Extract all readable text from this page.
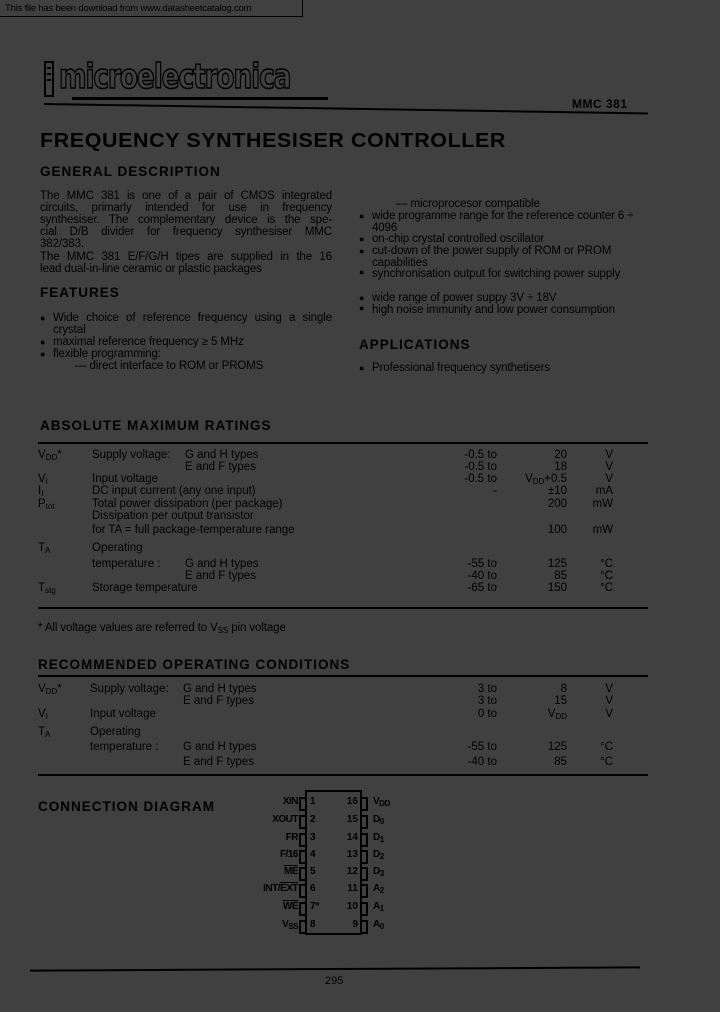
This file has been download from www.datasheetcatalog.com
microelectronica
MMC 381
FREQUENCY SYNTHESISER CONTROLLER
GENERAL DESCRIPTION
The MMC 381 is one of a pair of CMOS integrated
circuits, primarly intended for use in frequency
synthesiser. The complementary device is the spe-
cial D/B divider for frequency synthesiser MMC
382/383.
The MMC 381 E/F/G/H tipes are supplied in the 16
lead dual-in-line ceramic or plastic packages
FEATURES
● Wide choice of reference frequency using a single crystal
● maximal reference frequency ≥ 5 MHz
● flexible programming:
— direct interface to ROM or PROMS
— microprocesor compatible
● wide programme range for the reference counter 6 ÷ 4096
● on-chip crystal controlled oscillator
● cut-down of the power supply of ROM or PROM capabilities
synchronisation output for switching power supply
●
● wide range of power suppy 3V ÷ 18V
high noise immunity and low power consumption
●
APPLICATIONS
● Professional frequency synthetisers
ABSOLUTE MAXIMUM RATINGS
$V_{DD}*$	Supply voltage: G and H types	-0.5 to	20	V
E and F types	-0.5 to	18	V
$V_I$	Input voltage	-0.5 to	$V_{DD}+0.5$	V
$I_I$	DC input current (any one input)	-	±10	mA
$P_{tot}$	Total power dissipation (per package)	200	mW
Dissipation per output transistor
for TA = full package-temperature range	100	mW
$T_A$	Operating
temperature : G and H types	-55 to	125	°C
E and F types	-40 to	85	°C
$T_{stg}$	Storage temperature	-65 to	150	°C
* All voltage values are referred to $V_{SS}$ pin voltage
RECOMMENDED OPERATING CONDITIONS
$V_{DD}*$ Supply voltage: G and H types	3 to	8	V
E and F types	3 to	15	V
$V_I$	Input voltage	0 to	$V_{DD}$	V
$T_A$	Operating
temperature : G and H types	-55 to	125	°C
E and F types	-40 to	85	°C
CONNECTION DIAGRAM	XIN 1
XOUT 2
FR 3
F/16 4
$\overline{ME}$ 5
INT/$\overline{EXT}$ 6
$\overline{WE}$ 7*
$V_{SS}$ 8
16 $V_{DD}$
15 $D_0$
14 $D_1$
13 $D_2$
12 $D_3$
11 $A_2$
10 $A_1$
9 $A_0$
295
